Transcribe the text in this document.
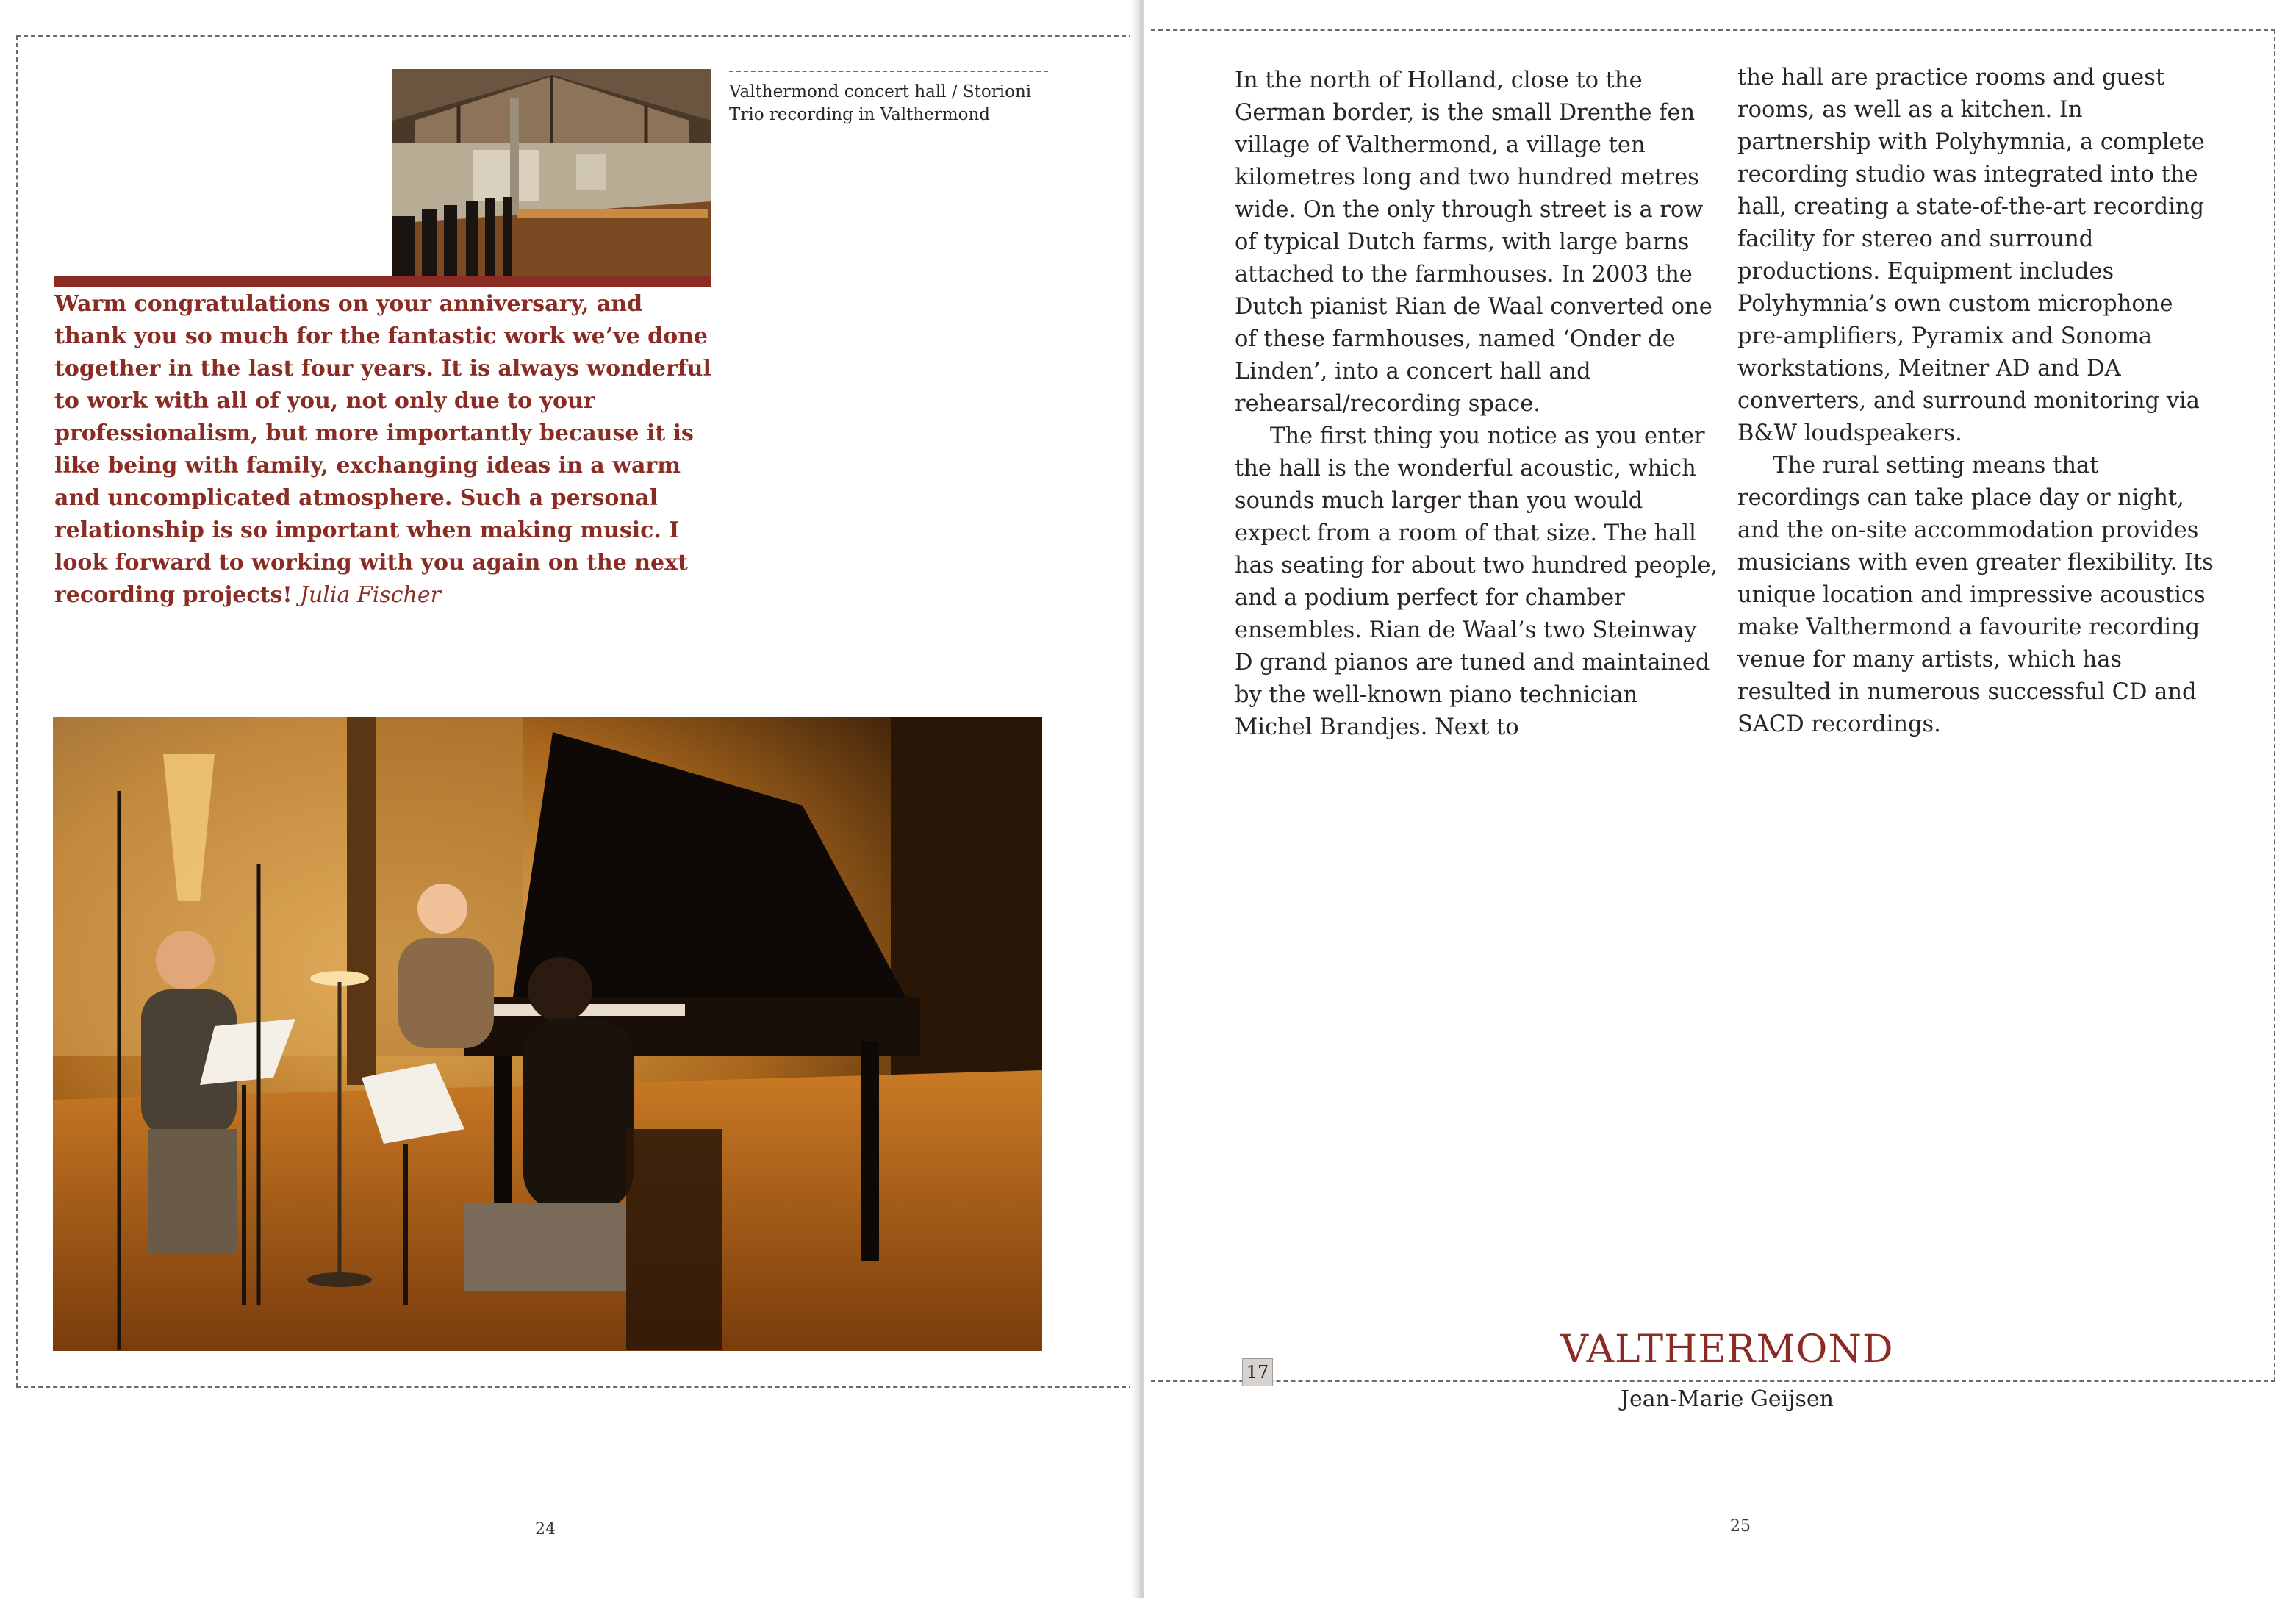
Valthermond concert hall / Storioni Trio recording in Valthermond
Warm congratulations on your anniversary, and thank you so much for the fantastic work we’ve done together in the last four years. It is always wonderful to work with all of you, not only due to your professionalism, but more importantly because it is like being with family, exchanging ideas in a warm and uncomplicated atmosphere. Such a personal relationship is so important when making music. I look forward to working with you again on the next recording projects! Julia Fischer
24

In the north of Holland, close to the German border, is the small Drenthe fen village of Valthermond, a village ten kilometres long and two hundred metres wide. On the only through street is a row of typical Dutch farms, with large barns attached to the farmhouses. In 2003 the Dutch pianist Rian de Waal converted one of these farmhouses, named ‘Onder de Linden’, into a concert hall and rehearsal/recording space.

The first thing you notice as you enter the hall is the wonderful acoustic, which sounds much larger than you would expect from a room of that size. The hall has seating for about two hundred people, and a podium perfect for chamber ensembles. Rian de Waal’s two Steinway D grand pianos are tuned and maintained by the well-known piano technician Michel Brandjes. Next to

the hall are practice rooms and guest rooms, as well as a kitchen. In partnership with Polyhymnia, a complete recording studio was integrated into the hall, creating a state-of-the-art recording facility for stereo and surround productions. Equipment includes Polyhymnia’s own custom microphone pre-amplifiers, Pyramix and Sonoma workstations, Meitner AD and DA converters, and surround monitoring via B&W loudspeakers.

The rural setting means that recordings can take place day or night, and the on-site accommodation provides musicians with even greater flexibility. Its unique location and impressive acoustics make Valthermond a favourite recording venue for many artists, which has resulted in numerous successful CD and SACD recordings.

17
VALTHERMOND
Jean-Marie Geijsen
25
